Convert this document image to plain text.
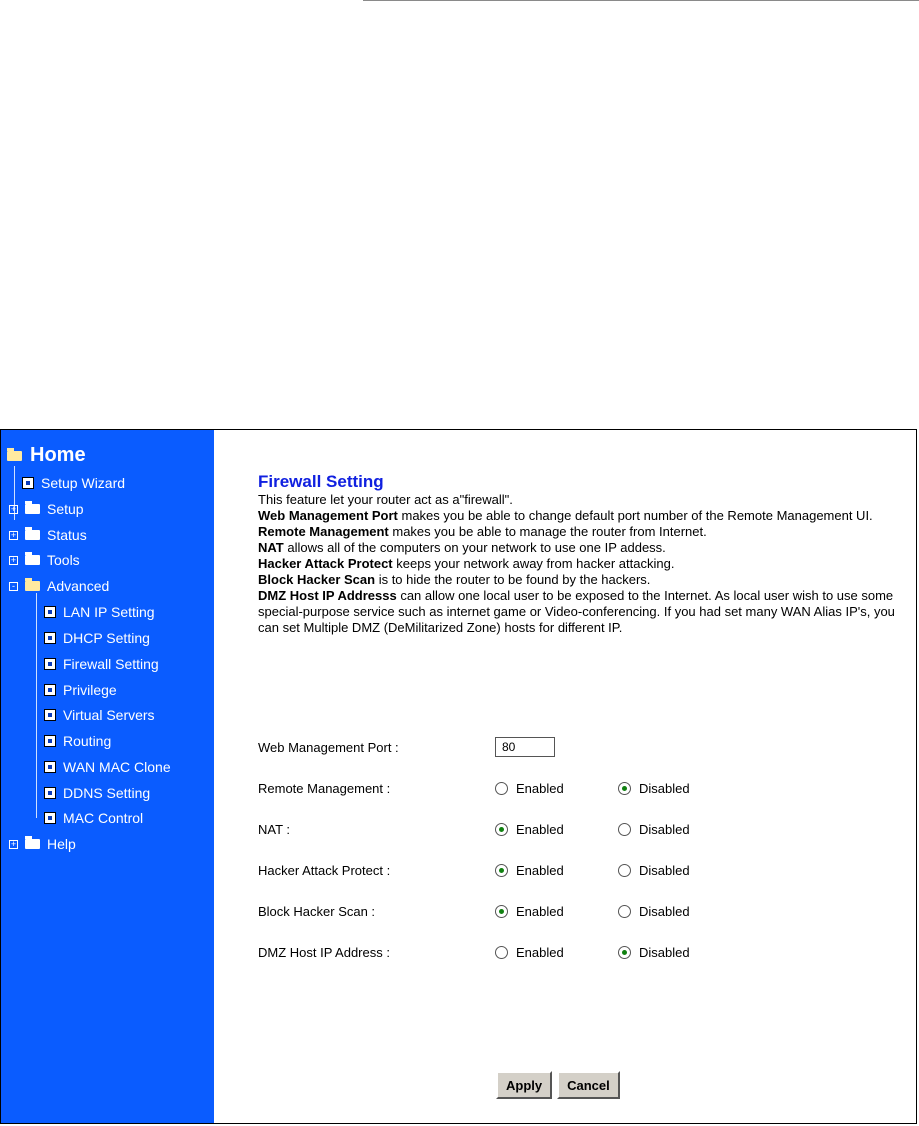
Home
Setup Wizard
+ Setup
+ Status
+ Tools
- Advanced
LAN IP Setting
DHCP Setting
Firewall Setting
Privilege
Virtual Servers
Routing
WAN MAC Clone
DDNS Setting
MAC Control
+ Help
Firewall Setting
This feature let your router act as a"firewall".
Web Management Port makes you be able to change default port number of the Remote Management UI.
Remote Management makes you be able to manage the router from Internet.
NAT allows all of the computers on your network to use one IP addess.
Hacker Attack Protect keeps your network away from hacker attacking.
Block Hacker Scan is to hide the router to be found by the hackers.
DMZ Host IP Addresss can allow one local user to be exposed to the Internet. As local user wish to use some special-purpose service such as internet game or Video-conferencing. If you had set many WAN Alias IP's, you can set Multiple DMZ (DeMilitarized Zone) hosts for different IP.
Web Management Port :
80
Remote Management :	Enabled	Disabled
NAT :	Enabled	Disabled
Hacker Attack Protect :	Enabled	Disabled
Block Hacker Scan :	Enabled	Disabled
DMZ Host IP Address :	Enabled	Disabled
Apply	Cancel
